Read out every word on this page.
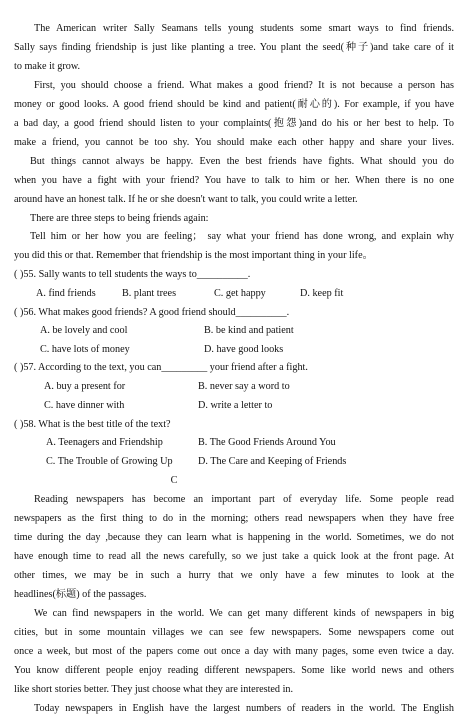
The American writer Sally Seamans tells young students some smart ways to find friends.
Sally says finding friendship is just like planting a tree. You plant the seed(种子)and take care of it
to make it grow.
First, you should choose a friend. What makes a good friend? It is not because a person has
money or good looks. A good friend should be kind and patient(耐心的). For example, if you have
a bad day, a good friend should listen to your complaints(抱怨)and do his or her best to help. To
make a friend, you cannot be too shy. You should make each other happy and share your lives.
But things cannot always be happy. Even the best friends have fights. What should you do
when you have a fight with your friend? You have to talk to him or her. When there is no one
around have an honest talk. If he or she doesn't want to talk, you could write a letter.
There are three steps to being friends again:
Tell him or her how you are feeling； say what your friend has done wrong, and explain why
you did this or that. Remember that friendship is the most important thing in your life。
( )55. Sally wants to tell students the ways to__________.
A. find friends	B. plant trees	C. get happy	D. keep fit
( )56. What makes good friends? A good friend should__________.
A. be lovely and cool	B. be kind and patient
C. have lots of money	D. have good looks
( )57. According to the text, you can_________ your friend after a fight.
A. buy a present for	B. never say a word to
C. have dinner with	D. write a letter to
( )58. What is the best title of the text?
A. Teenagers and Friendship	B. The Good Friends Around You
C. The Trouble of Growing Up D. The Care and Keeping of Friends
C
Reading newspapers has become an important part of everyday life. Some people read
newspapers as the first thing to do in the morning; others read newspapers when they have free
time during the day ,because they can learn what is happening in the world. Sometimes, we do not
have enough time to read all the news carefully, so we just take a quick look at the front page. At
other times, we may be in such a hurry that we only have a few minutes to look at the
headlines(标题) of the passages.
We can find newspapers in the world. We can get many different kinds of newspapers in big
cities, but in some mountain villages we can see few newspapers. Some newspapers come out
once a week, but most of the papers come out once a day with many pages, some even twice a day.
You know different people enjoy reading different newspapers. Some like world news and others
like short stories better. They just choose what they are interested in.
Today newspapers in English have the largest numbers of readers in the world. The English
